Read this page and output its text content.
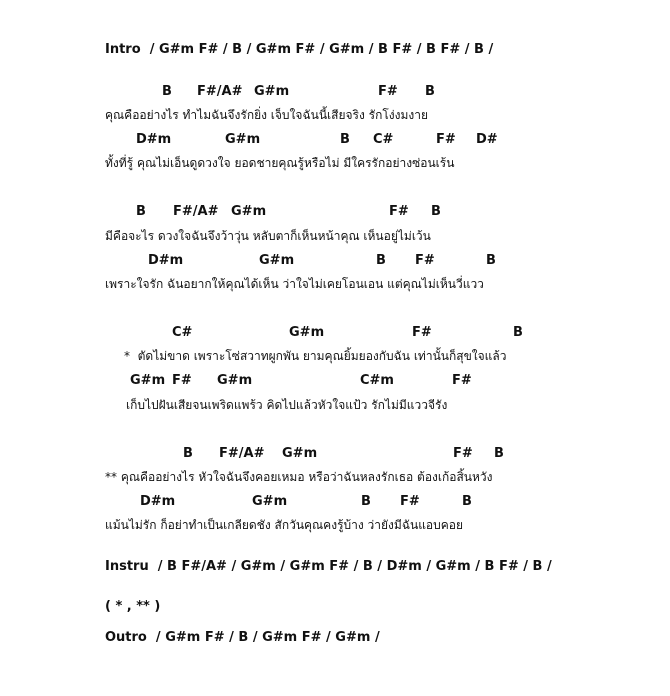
Intro  / G#m F# / B / G#m F# / G#m / B F# / B F# / B /
B F#/A# G#m	F# B
คุณคืออย่างไร ทำไมฉันจึงรักยิ่ง เจ็บใจฉันนี้เสียจริง รักโง่งมงาย
D#m	G#m	B C#	F# D#
ทั้งที่รู้ คุณไม่เอ็นดูดวงใจ ยอดชายคุณรู้หรือไม่ มีใครรักอย่างซ่อนเร้น
B F#/A# G#m	F# B
มีคือจะไร ดวงใจฉันจึงว้าวุ่น หลับตาก็เห็นหน้าคุณ เห็นอยู่ไม่เว้น
D#m	G#m	B F#	B
เพราะใจรัก ฉันอยากให้คุณได้เห็น ว่าใจไม่เคยโอนเอน แต่คุณไม่เห็นวี่แวว
C#	G#m	F#	B
*  ตัดไม่ขาด เพราะโซ่สวาทผูกพัน ยามคุณยิ้มยองกับฉัน เท่านั้นก็สุขใจแล้ว
G#m F# G#m	C#m	F#
เก็บไปฝันเสียจนเพริดแพร้ว คิดไปแล้วหัวใจแป้ว รักไม่มีแววจีรัง
B F#/A# G#m	F# B
** คุณคืออย่างไร หัวใจฉันจึงคอยเหมอ หรือว่าฉันหลงรักเธอ ต้องเก้อสิ้นหวัง
D#m	G#m	B F#	B
แม้นไม่รัก ก็อย่าทำเป็นเกลียดชัง สักวันคุณคงรู้บ้าง ว่ายังมีฉันแอบคอย
Instru  / B F#/A# / G#m / G#m F# / B / D#m / G#m / B F# / B /
( * , ** )
Outro  / G#m F# / B / G#m F# / G#m /
